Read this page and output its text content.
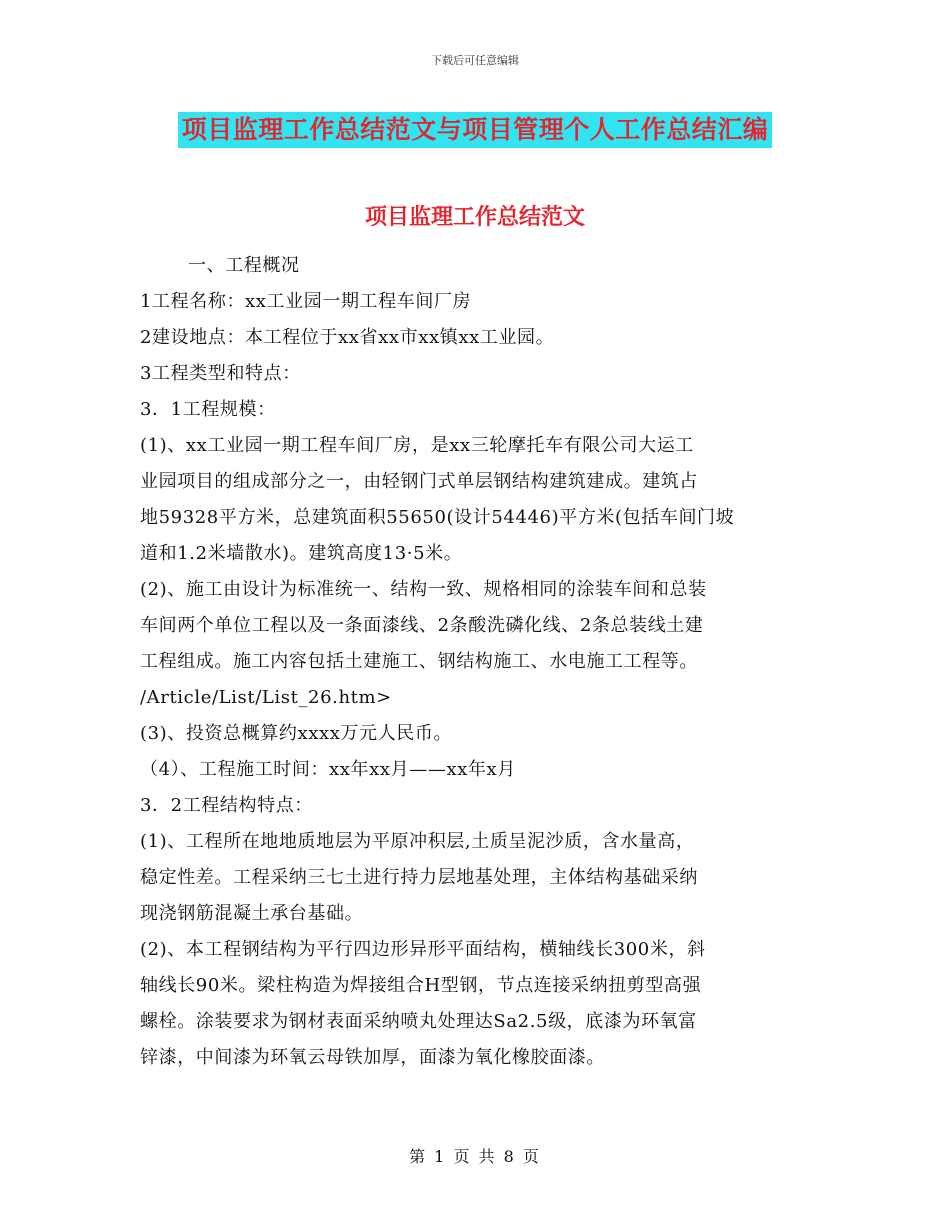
下载后可任意编辑
项目监理工作总结范文与项目管理个人工作总结汇编
项目监理工作总结范文
一、工程概况
1工程名称：xx工业园一期工程车间厂房
2建设地点：本工程位于xx省xx市xx镇xx工业园。
3工程类型和特点：
3．1工程规模：
(1)、xx工业园一期工程车间厂房，是xx三轮摩托车有限公司大运工
业园项目的组成部分之一，由轻钢门式单层钢结构建筑建成。建筑占
地59328平方米，总建筑面积55650(设计54446)平方米(包括车间门坡
道和1.2米墙散水)。建筑高度13·5米。
(2)、施工由设计为标准统一、结构一致、规格相同的涂装车间和总装
车间两个单位工程以及一条面漆线、2条酸洗磷化线、2条总装线土建
工程组成。施工内容包括土建施工、钢结构施工、水电施工工程等。
/Article/List/List_26.htm>
(3)、投资总概算约xxxx万元人民币。
（4）、工程施工时间：xx年xx月——xx年x月
3．2工程结构特点：
(1)、工程所在地地质地层为平原冲积层,土质呈泥沙质，含水量高，
稳定性差。工程采纳三七土进行持力层地基处理，主体结构基础采纳
现浇钢筋混凝土承台基础。
(2)、本工程钢结构为平行四边形异形平面结构，横轴线长300米，斜
轴线长90米。梁柱构造为焊接组合H型钢，节点连接采纳扭剪型高强
螺栓。涂装要求为钢材表面采纳喷丸处理达Sa2.5级，底漆为环氧富
锌漆，中间漆为环氧云母铁加厚，面漆为氧化橡胶面漆。
第 1 页 共 8 页
